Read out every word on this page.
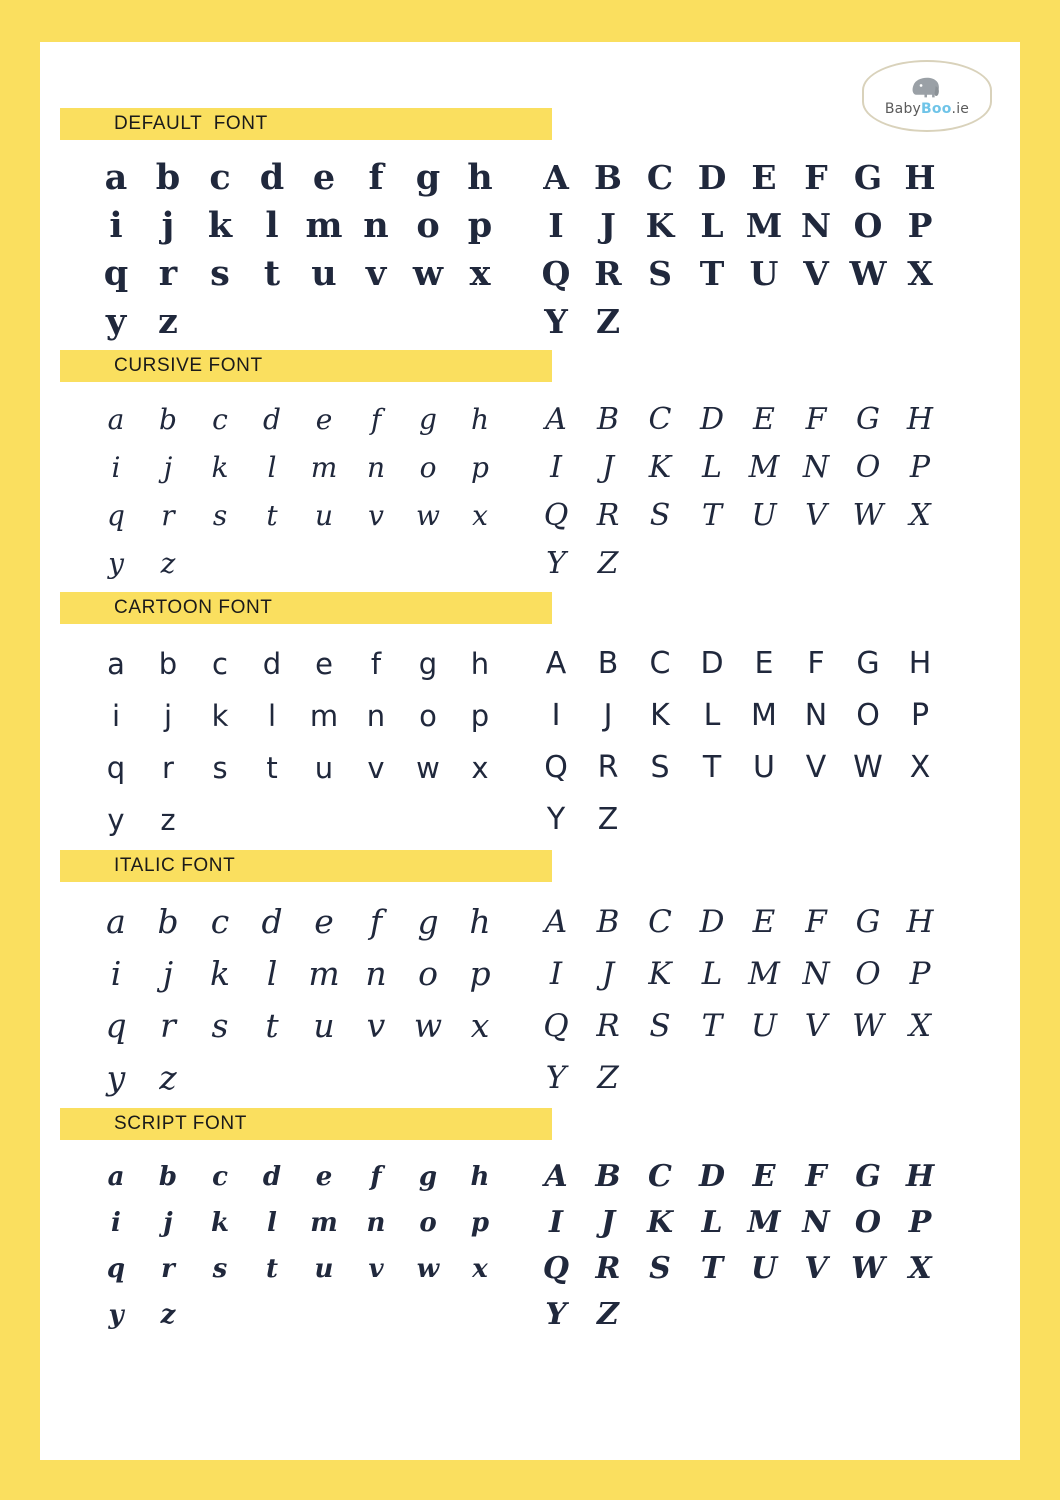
BabyBoo.ie
DEFAULT  FONT
a b c d e f g h
i	j k l m n o p
q r s t u v w x
y z
A B C D E F G H
I	J K L M N O P
Q R S T U V W X
Y Z
CURSIVE FONT
a	b	c	d	e	f	g	h
i	j	k	l	m	n	o	p
q	r	s	t	u	v	w	x
y	z
A	B C D E	F G H
I	J	K	L M N O P
Q R	S	T U V W X
Y	Z
CARTOON FONT
a	b	c	d	e	f	g	h
i	j	k	l	m n	o	p
q	r	s	t	u	v	w	x
y	z
A	B	C D	E	F	G H
I	J	K	L	M N O	P
Q R	S	T	U	V W X
Y	Z
ITALIC FONT
a b c d e	f	g h
i	j	k	l m n o p
q	r	s	t	u v w x
y	z
A B C D E F G H
I	J	K L M N O P
Q R S	T U V W X
Y Z
SCRIPT FONT
a	b	c	d	e	f	g	h
i	j	k	l	m	n	o	p
q	r	s	t	u	v	w	x
y	z
A B C D E F G H
I	J	K L M N O P
Q R S	T U V W X
Y	Z
